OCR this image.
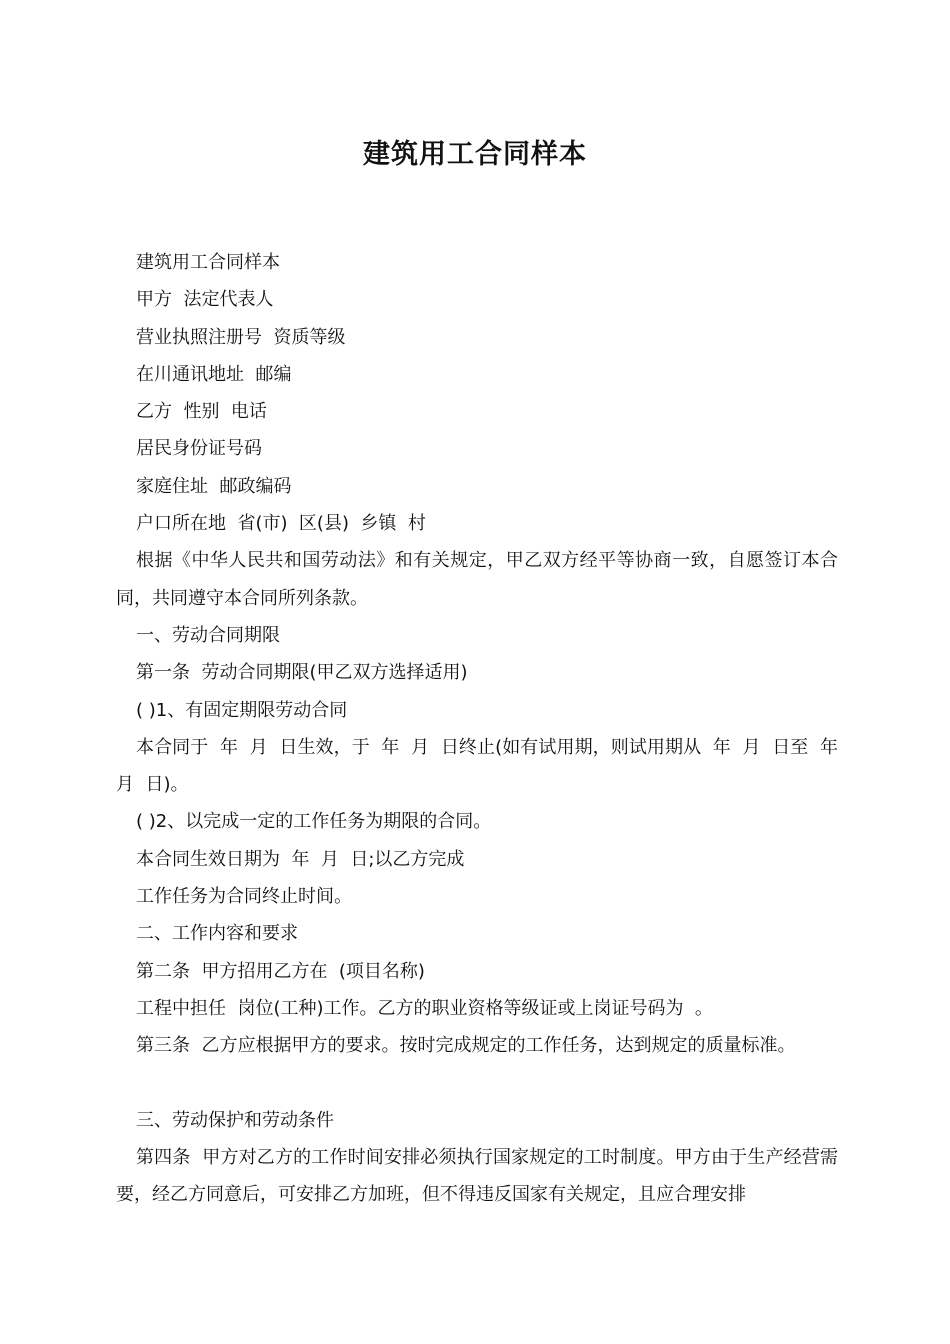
建筑用工合同样本

建筑用工合同样本

甲方  法定代表人

营业执照注册号  资质等级

在川通讯地址  邮编

乙方  性别  电话

居民身份证号码

家庭住址  邮政编码

户口所在地  省(市)  区(县)  乡镇  村

根据《中华人民共和国劳动法》和有关规定，甲乙双方经平等协商一致，自愿签订本合同，共同遵守本合同所列条款。

一、劳动合同期限

第一条  劳动合同期限(甲乙双方选择适用)

( )1、有固定期限劳动合同

本合同于  年  月  日生效，于  年  月  日终止(如有试用期，则试用期从  年  月  日至  年  月  日)。

( )2、以完成一定的工作任务为期限的合同。

本合同生效日期为  年  月  日;以乙方完成

工作任务为合同终止时间。

二、工作内容和要求

第二条  甲方招用乙方在  (项目名称)

工程中担任  岗位(工种)工作。乙方的职业资格等级证或上岗证号码为  。

第三条  乙方应根据甲方的要求。按时完成规定的工作任务，达到规定的质量标准。

三、劳动保护和劳动条件

第四条  甲方对乙方的工作时间安排必须执行国家规定的工时制度。甲方由于生产经营需要，经乙方同意后，可安排乙方加班，但不得违反国家有关规定，且应合理安排
